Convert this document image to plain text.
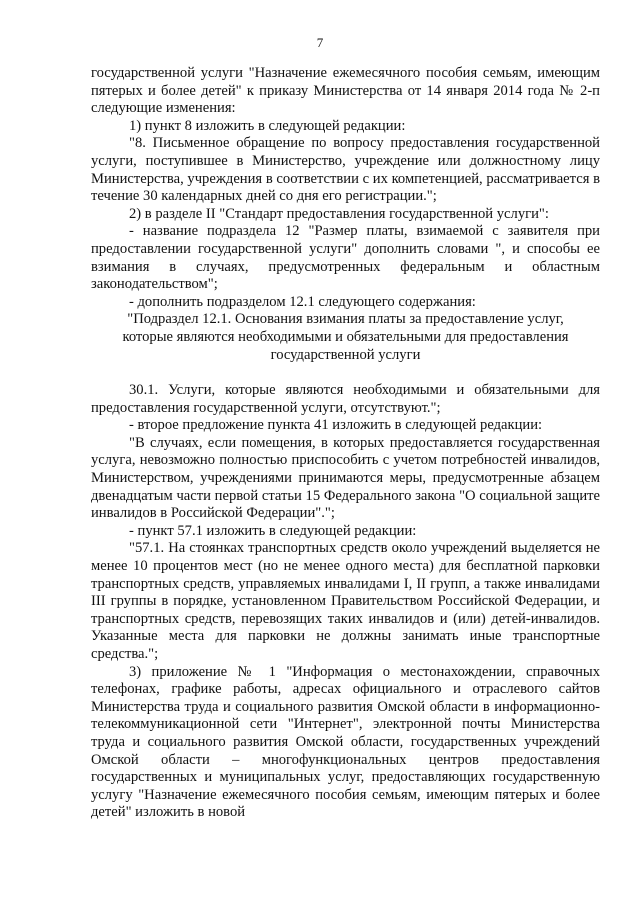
7

государственной услуги "Назначение ежемесячного пособия семьям, имеющим пятерых и более детей" к приказу Министерства от 14 января 2014 года № 2-п следующие изменения:

1) пункт 8 изложить в следующей редакции:

"8. Письменное обращение по вопросу предоставления государственной услуги, поступившее в Министерство, учреждение или должностному лицу Министерства, учреждения в соответствии с их компетенцией, рассматривается в течение 30 календарных дней со дня его регистрации.";

2) в разделе II "Стандарт предоставления государственной услуги":

- название подраздела 12 "Размер платы, взимаемой с заявителя при предоставлении государственной услуги" дополнить словами ", и способы ее взимания в случаях, предусмотренных федеральным и областным законодательством";

- дополнить подразделом 12.1 следующего содержания:

"Подраздел 12.1. Основания взимания платы за предоставление услуг,

которые являются необходимыми и обязательными для предоставления

государственной услуги

30.1. Услуги, которые являются необходимыми и обязательными для предоставления государственной услуги, отсутствуют.";

- второе предложение пункта 41 изложить в следующей редакции:

"В случаях, если помещения, в которых предоставляется государственная услуга, невозможно полностью приспособить с учетом потребностей инвалидов, Министерством, учреждениями принимаются меры, предусмотренные абзацем двенадцатым части первой статьи 15 Федерального закона "О социальной защите инвалидов в Российской Федерации".";

- пункт 57.1 изложить в следующей редакции:

"57.1. На стоянках транспортных средств около учреждений выделяется не менее 10 процентов мест (но не менее одного места) для бесплатной парковки транспортных средств, управляемых инвалидами I, II групп, а также инвалидами III группы в порядке, установленном Правительством Российской Федерации, и транспортных средств, перевозящих таких инвалидов и (или) детей-инвалидов. Указанные места для парковки не должны занимать иные транспортные средства.";

3) приложение № 1 "Информация о местонахождении, справочных телефонах, графике работы, адресах официального и отраслевого сайтов Министерства труда и социального развития Омской области в информационно-телекоммуникационной сети "Интернет", электронной почты Министерства труда и социального развития Омской области, государственных учреждений Омской области – многофункциональных центров предоставления государственных и муниципальных услуг, предоставляющих государственную услугу "Назначение ежемесячного пособия семьям, имеющим пятерых и более детей" изложить в новой
